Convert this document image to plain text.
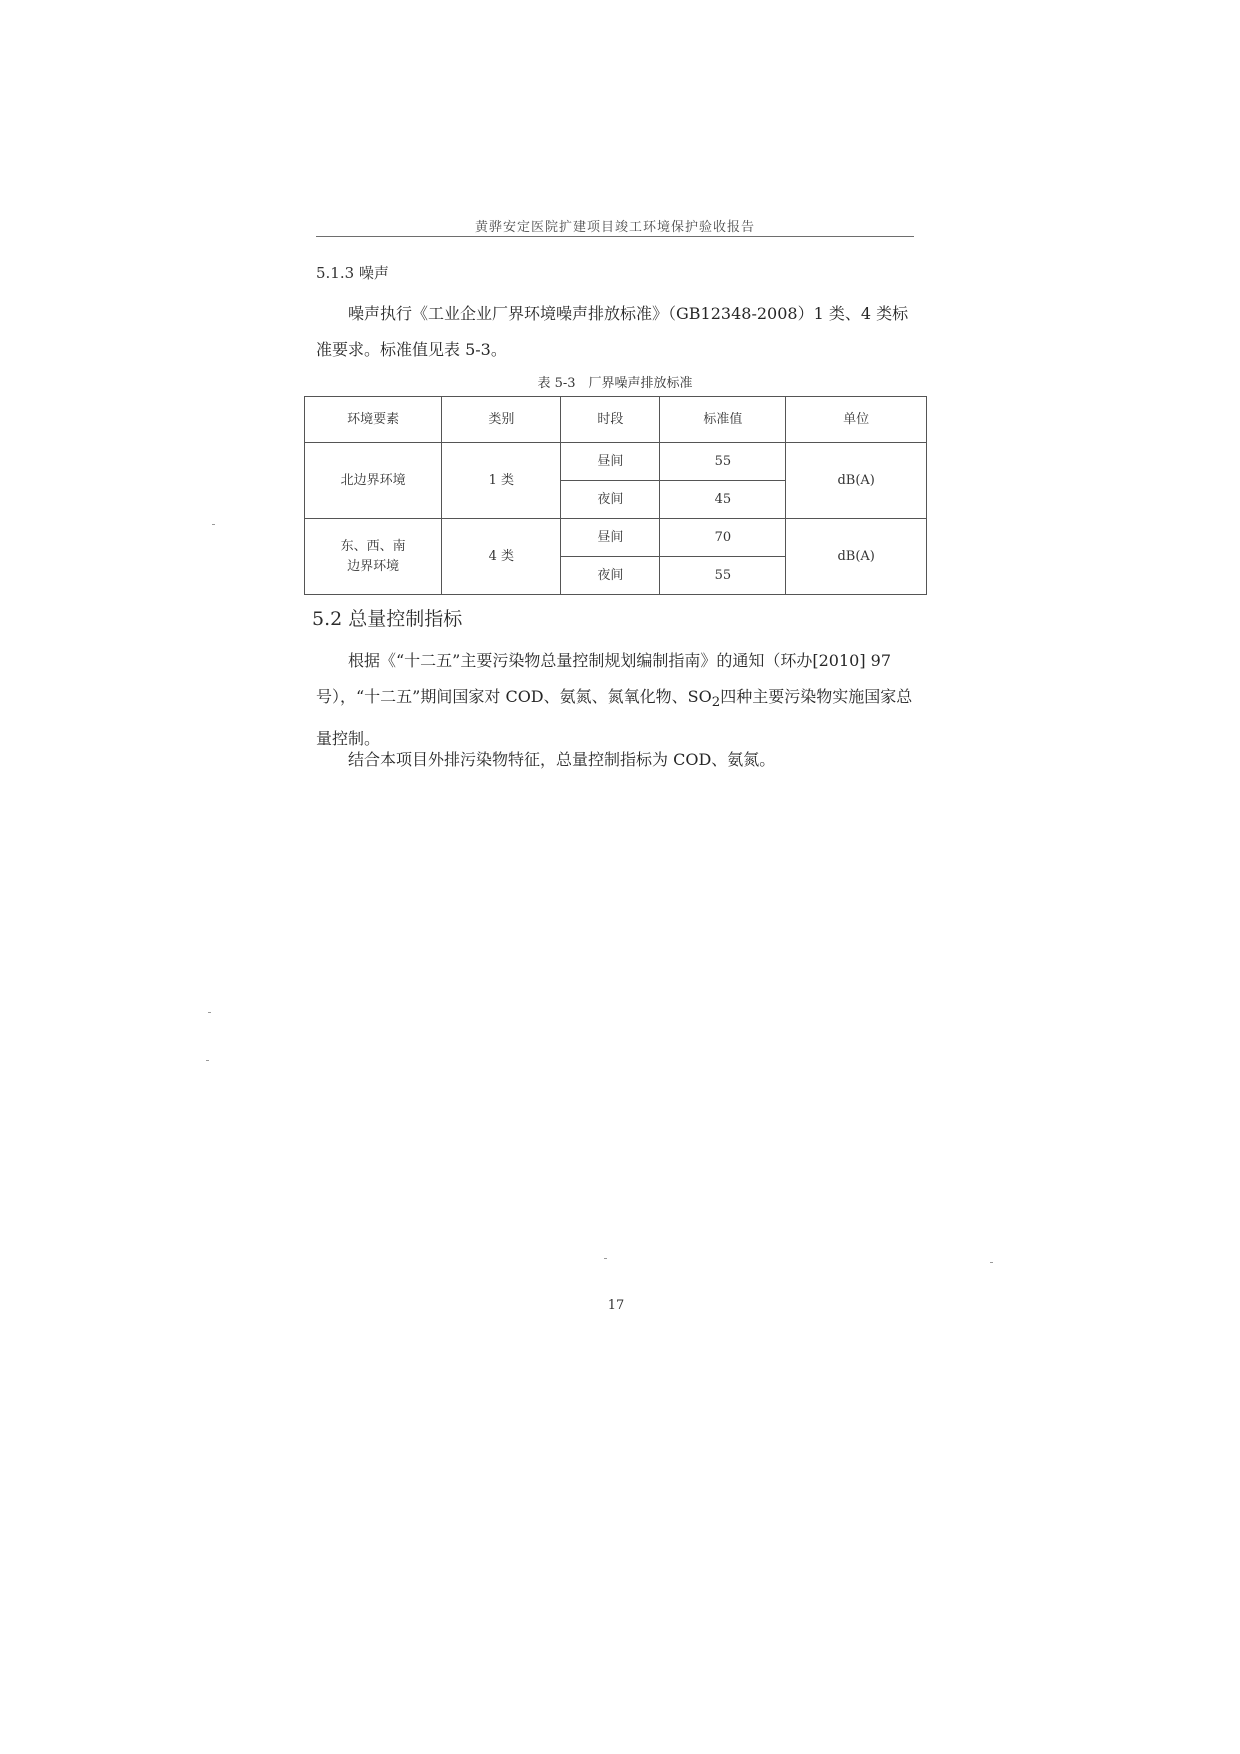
黄骅安定医院扩建项目竣工环境保护验收报告
5.1.3 噪声
噪声执行《工业企业厂界环境噪声排放标准》（GB12348-2008）1 类、4 类标准要求。标准值见表 5-3。
表 5-3　厂界噪声排放标准
环境要素	类别	时段	标准值	单位
北边界环境	1 类	昼间	55	dB(A)
		夜间	45	

东、西、南
边界环境	4 类	昼间	70	dB(A)
		夜间	55	
5.2 总量控制指标
根据《“十二五”主要污染物总量控制规划编制指南》的通知（环办[2010] 97 号），“十二五”期间国家对 COD、氨氮、氮氧化物、$SO_2$四种主要污染物实施国家总量控制。
结合本项目外排污染物特征，总量控制指标为 COD、氨氮。
17
